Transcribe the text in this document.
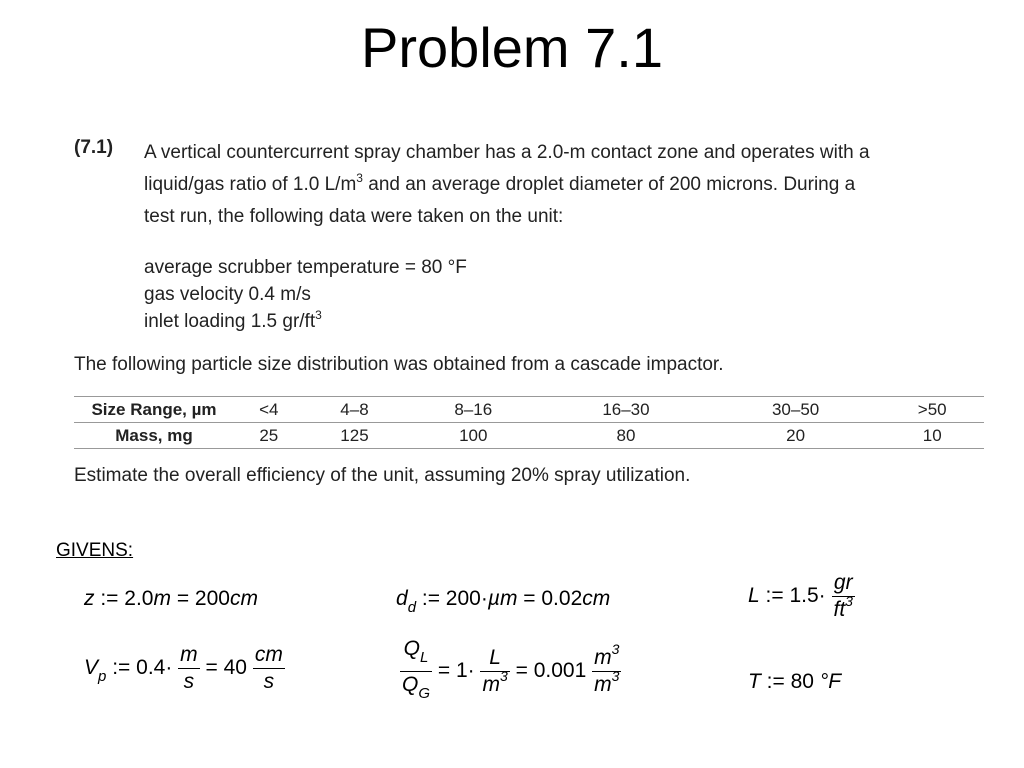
Problem 7.1
(7.1) A vertical countercurrent spray chamber has a 2.0-m contact zone and operates with a
liquid/gas ratio of 1.0 $L/m^3$ and an average droplet diameter of 200 microns. During a
test run, the following data were taken on the unit:
average scrubber temperature = 80 °F
gas velocity 0.4 m/s
inlet loading 1.5 $gr/ft^3$
The following particle size distribution was obtained from a cascade impactor.
Size Range, µm	<4	4–8	8–16	16–30	30–50	>50
Mass, mg	25	125	100	80	20	10
Estimate the overall efficiency of the unit, assuming 20% spray utilization.
GIVENS:
z := 2.0m = 200cm	$d_d$ := 200·µm = 0.02cm	L := $1.5\cdot \frac{gr}{ft^3}$
$V_p$ := $0.4\cdot \frac{m}{s} = 40 \frac{cm}{s}$	$\frac{Q_L}{Q_G} = 1\cdot \frac{L}{m^3} = 0.001 \frac{m^3}{m^3}$	T := 80 °F
